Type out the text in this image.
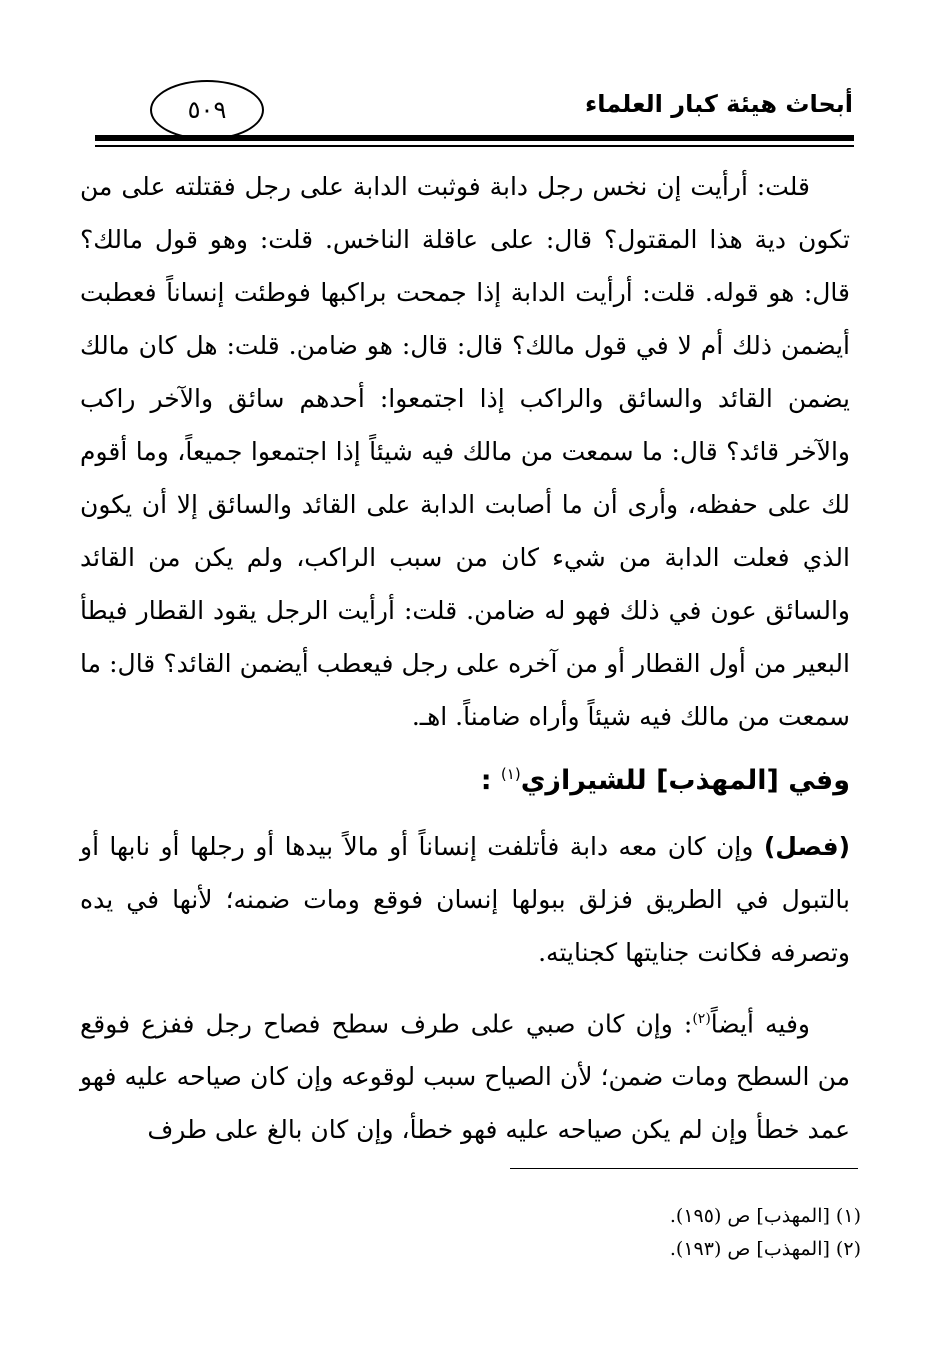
أبحاث هيئة كبار العلماء
٥٠٩

قلت: أرأيت إن نخس رجل دابة فوثبت الدابة على رجل فقتلته على من تكون دية هذا المقتول؟ قال: على عاقلة الناخس. قلت: وهو قول مالك؟ قال: هو قوله. قلت: أرأيت الدابة إذا جمحت براكبها فوطئت إنساناً فعطبت أيضمن ذلك أم لا في قول مالك؟ قال: قال: هو ضامن. قلت: هل كان مالك يضمن القائد والسائق والراكب إذا اجتمعوا: أحدهم سائق والآخر راكب والآخر قائد؟ قال: ما سمعت من مالك فيه شيئاً إذا اجتمعوا جميعاً، وما أقوم لك على حفظه، وأرى أن ما أصابت الدابة على القائد والسائق إلا أن يكون الذي فعلت الدابة من شيء كان من سبب الراكب، ولم يكن من القائد والسائق عون في ذلك فهو له ضامن. قلت: أرأيت الرجل يقود القطار فيطأ البعير من أول القطار أو من آخره على رجل فيعطب أيضمن القائد؟ قال: ما سمعت من مالك فيه شيئاً وأراه ضامناً. اهـ.

وفي [المهذب] للشيرازي$^{(١)}$ :

(فصل) وإن كان معه دابة فأتلفت إنساناً أو مالاً بيدها أو رجلها أو نابها أو بالتبول في الطريق فزلق ببولها إنسان فوقع ومات ضمنه؛ لأنها في يده وتصرفه فكانت جنايتها كجنايته.

وفيه أيضاً$^{(٢)}$: وإن كان صبي على طرف سطح فصاح رجل ففزع فوقع من السطح ومات ضمن؛ لأن الصياح سبب لوقوعه وإن كان صياحه عليه فهو عمد خطأ وإن لم يكن صياحه عليه فهو خطأ، وإن كان بالغ على طرف

(١) [المهذب] ص (١٩٥).
(٢) [المهذب] ص (١٩٣).
